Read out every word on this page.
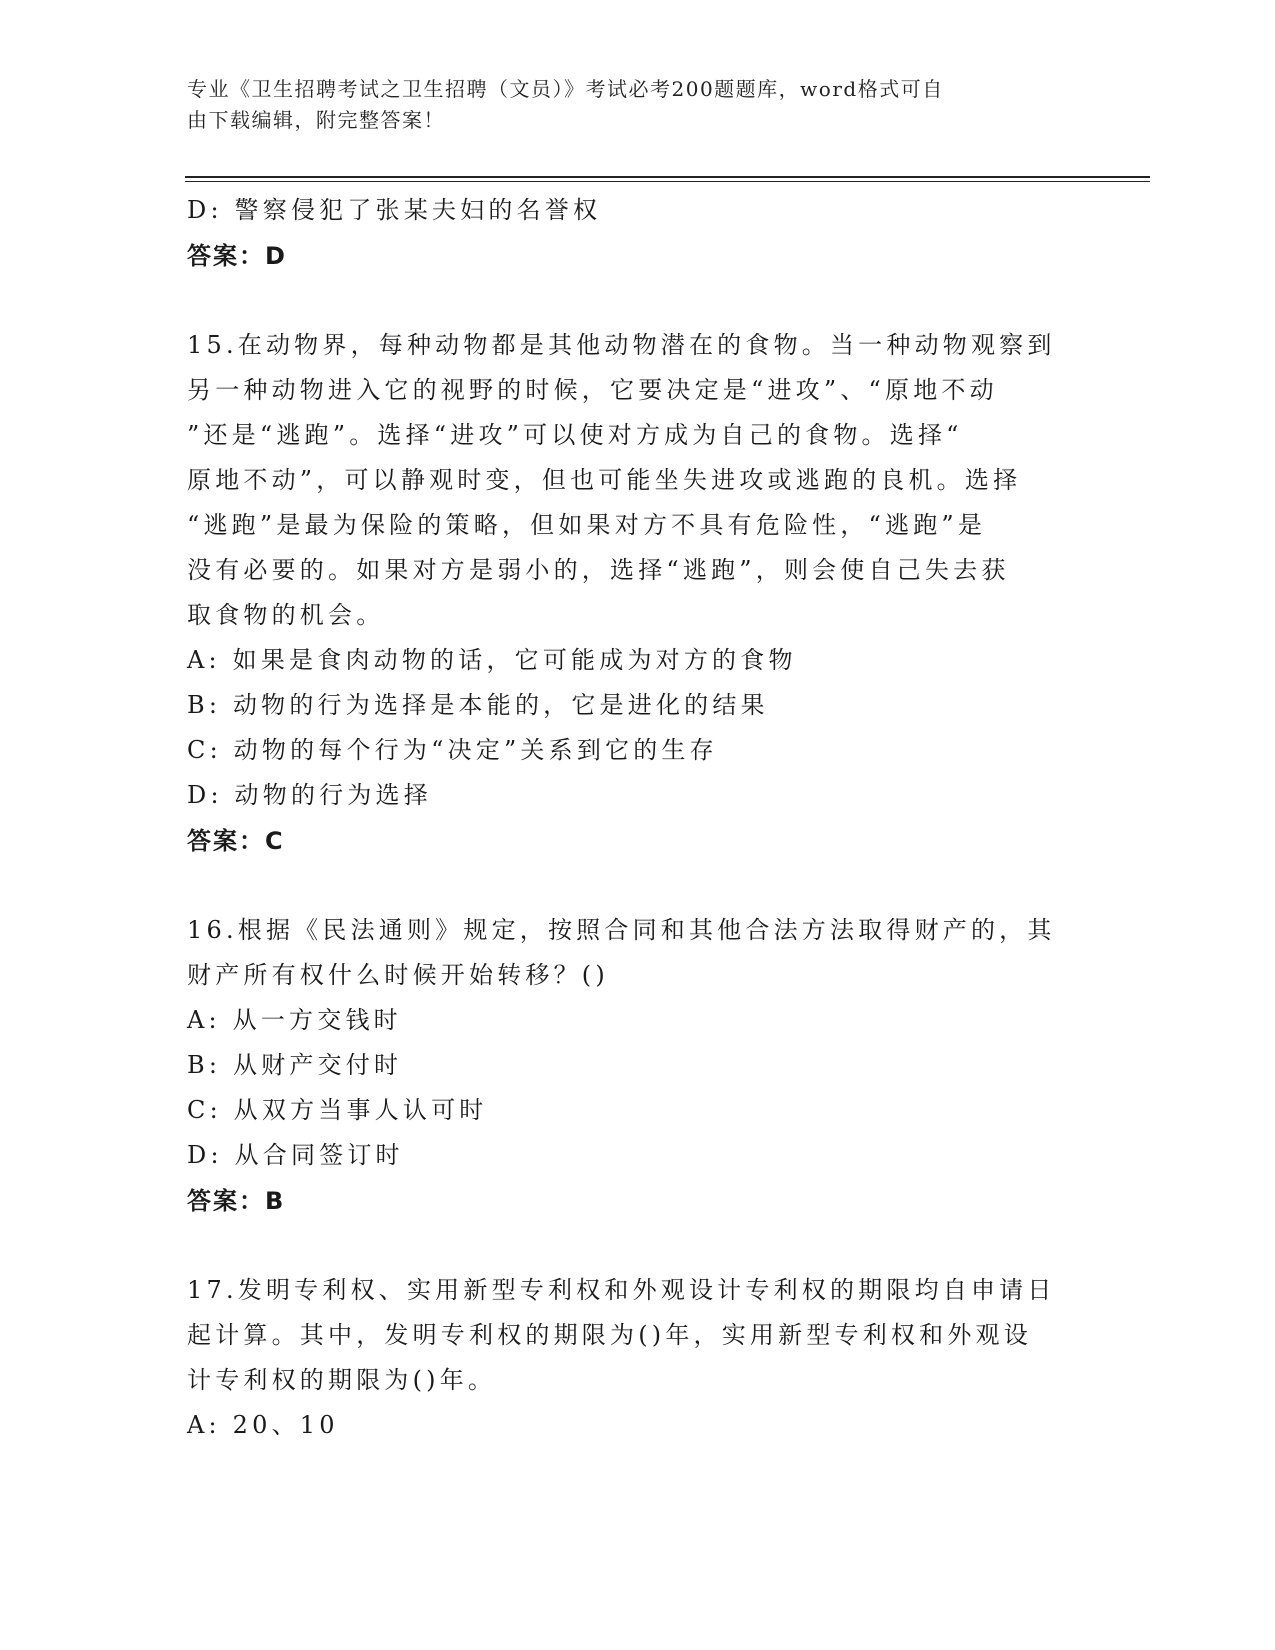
专业《卫生招聘考试之卫生招聘（文员）》考试必考200题题库，word格式可自
由下载编辑，附完整答案！
D: 警察侵犯了张某夫妇的名誉权
答案：D
15.在动物界，每种动物都是其他动物潜在的食物。当一种动物观察到
另一种动物进入它的视野的时候，它要决定是“进攻”、“原地不动
”还是“逃跑”。选择“进攻”可以使对方成为自己的食物。选择“
原地不动”，可以静观时变，但也可能坐失进攻或逃跑的良机。选择
“逃跑”是最为保险的策略，但如果对方不具有危险性，“逃跑”是
没有必要的。如果对方是弱小的，选择“逃跑”，则会使自己失去获
取食物的机会。
A: 如果是食肉动物的话，它可能成为对方的食物
B: 动物的行为选择是本能的，它是进化的结果
C: 动物的每个行为“决定”关系到它的生存
D: 动物的行为选择
答案：C
16.根据《民法通则》规定，按照合同和其他合法方法取得财产的，其
财产所有权什么时候开始转移？()
A: 从一方交钱时
B: 从财产交付时
C: 从双方当事人认可时
D: 从合同签订时
答案：B
17.发明专利权、实用新型专利权和外观设计专利权的期限均自申请日
起计算。其中，发明专利权的期限为()年，实用新型专利权和外观设
计专利权的期限为()年。
A: 20、10
